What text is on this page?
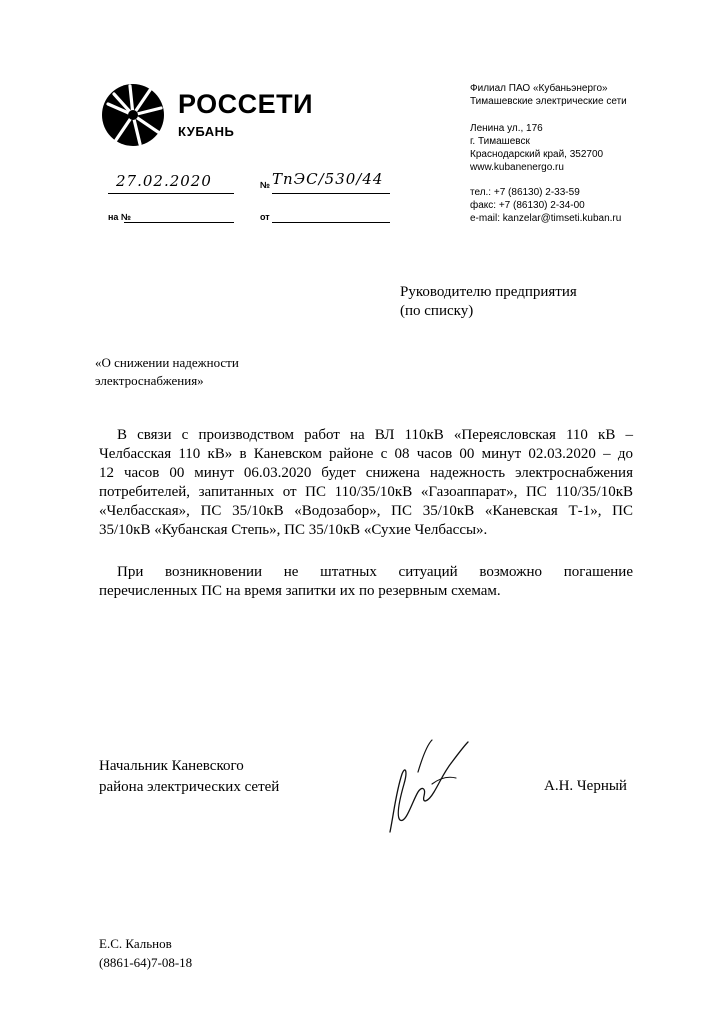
РОССЕТИ
КУБАНЬ
Филиал ПАО «Кубаньэнерго»
Тимашевские электрические сети
Ленина ул., 176
г. Тимашевск
Краснодарский край, 352700
www.kubanenergo.ru
тел.: +7 (86130) 2-33-59
факс: +7 (86130) 2-34-00
e-mail: kanzelar@timseti.kuban.ru
27.02.2020	№ ТпЭС/530/44
на №	от
Руководителю предприятия
(по списку)
«О снижении надежности
электроснабжения»
В связи с производством работ на ВЛ 110кВ «Переясловская 110 кВ –
Челбасская 110 кВ» в Каневском районе с 08 часов 00 минут 02.03.2020 – до
12 часов 00 минут 06.03.2020 будет снижена надежность электроснабжения
потребителей, запитанных от ПС 110/35/10кВ «Газоаппарат», ПС 110/35/10кВ
«Челбасская», ПС 35/10кВ «Водозабор», ПС 35/10кВ «Каневская Т-1», ПС
35/10кВ «Кубанская Степь», ПС 35/10кВ «Сухие Челбассы».
При возникновении не штатных ситуаций возможно погашение
перечисленных ПС на время запитки их по резервным схемам.
Начальник Каневского
района электрических сетей	А.Н. Черный
Е.С. Кальнов
(8861-64)7-08-18
